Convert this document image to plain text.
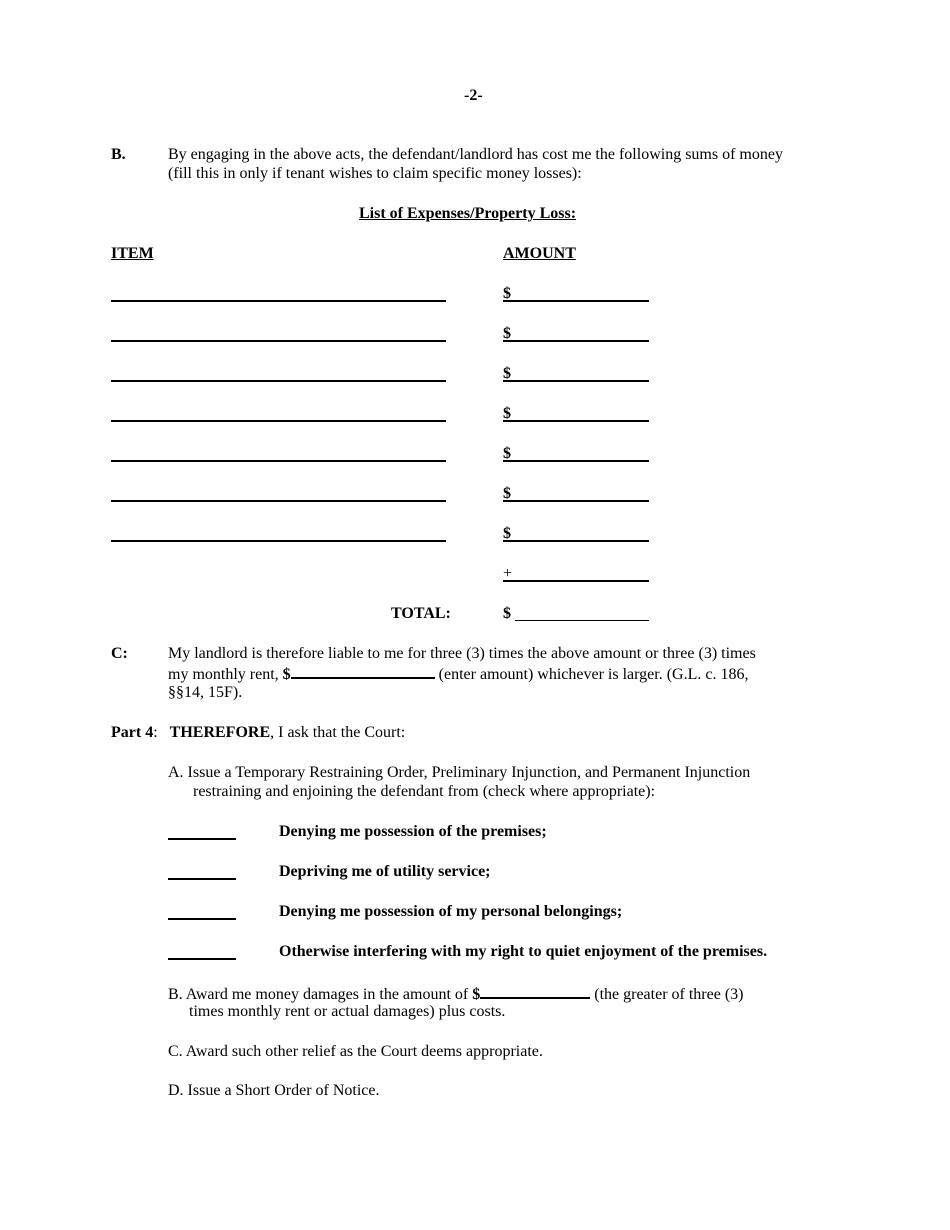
-2-
B.	By engaging in the above acts, the defendant/landlord has cost me the following sums of money
(fill this in only if tenant wishes to claim specific money losses):
List of Expenses/Property Loss:
ITEM	AMOUNT
$
$
$
$
$
$
$
+
TOTAL:	$
C:	My landlord is therefore liable to me for three (3) times the above amount or three (3) times
my monthly rent, $	(enter amount) whichever is larger. (G.L. c. 186,
§§14, 15F).
Part 4: THEREFORE, I ask that the Court:
A. Issue a Temporary Restraining Order, Preliminary Injunction, and Permanent Injunction
restraining and enjoining the defendant from (check where appropriate):
Denying me possession of the premises;
Depriving me of utility service;
Denying me possession of my personal belongings;
Otherwise interfering with my right to quiet enjoyment of the premises.
B. Award me money damages in the amount of $	(the greater of three (3)
times monthly rent or actual damages) plus costs.
C. Award such other relief as the Court deems appropriate.
D. Issue a Short Order of Notice.
